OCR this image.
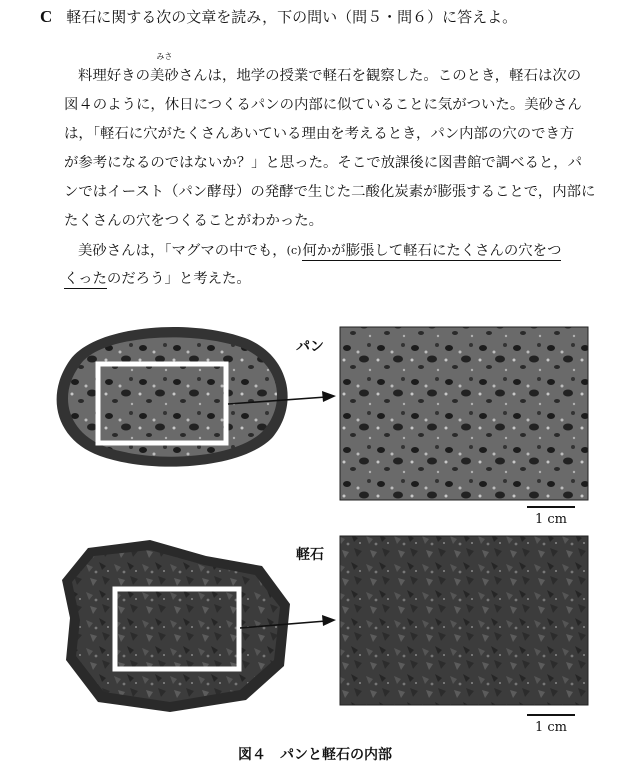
C 軽石に関する次の文章を読み，下の問い（問５・問６）に答えよ。
料理好きの
みさ
美砂さんは，地学の授業で軽石を観察した。このとき，軽石は次の
図４のように，休日につくるパンの内部に似ていることに気がついた。美砂さん
は，「軽石に穴がたくさんあいている理由を考えるとき，パン内部の穴のでき方
が参考になるのではないか？」と思った。そこで放課後に図書館で調べると，パ
ンではイースト（パン酵母）の発酵で生じた二酸化炭素が膨張することで，内部に
たくさんの穴をつくることがわかった。
美砂さんは，「マグマの中でも，(c)何かが膨張して軽石にたくさんの穴をつ
くったのだろう」と考えた。
パン
軽石
1 cm
1 cm
図４　パンと軽石の内部
